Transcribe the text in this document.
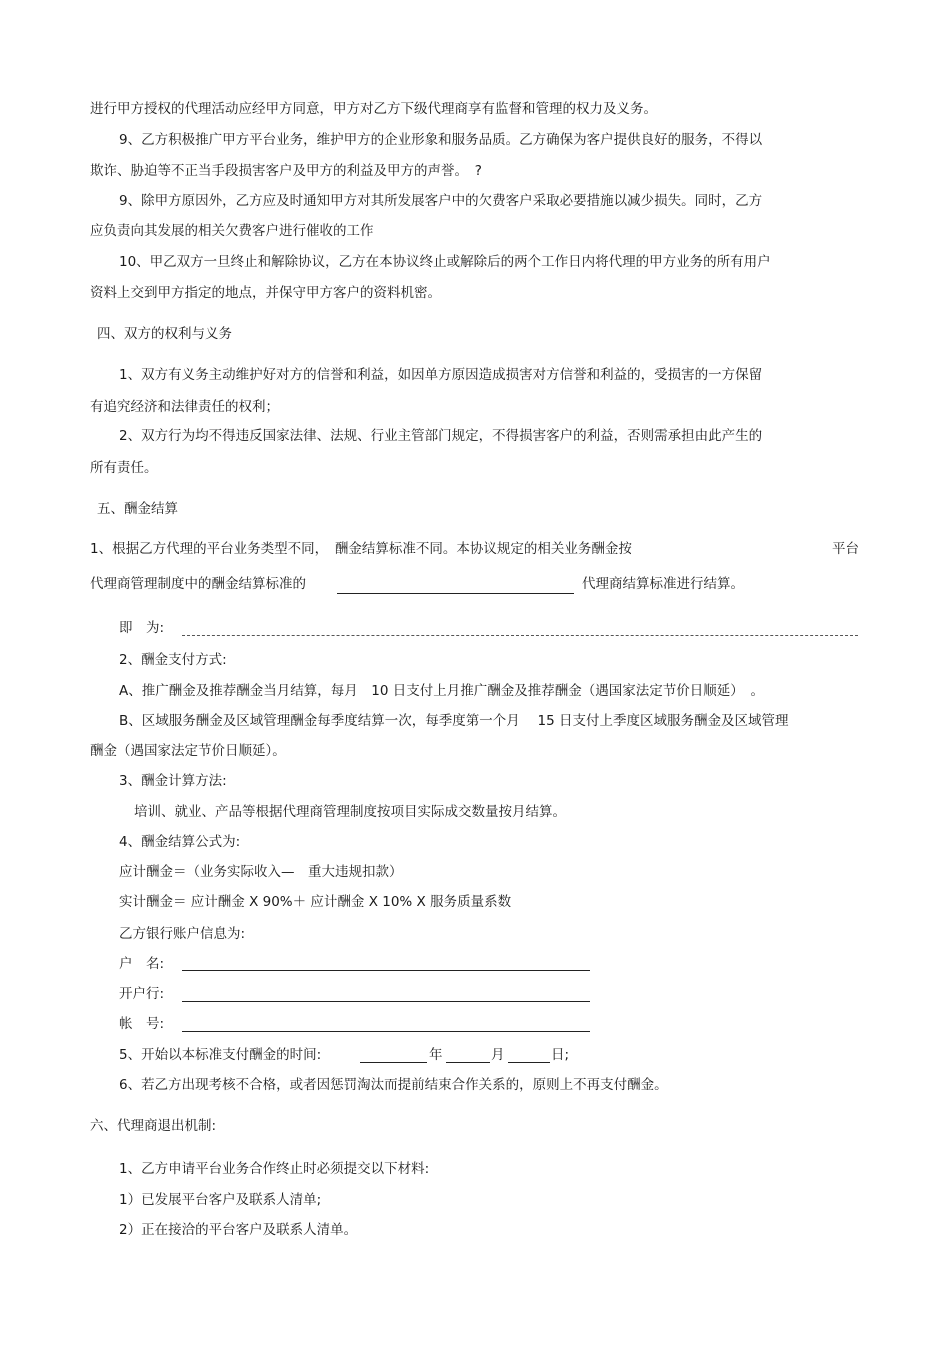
进行甲方授权的代理活动应经甲方同意，甲方对乙方下级代理商享有监督和管理的权力及义务。
9、乙方积极推广甲方平台业务，维护甲方的企业形象和服务品质。乙方确保为客户提供良好的服务，不得以
欺诈、胁迫等不正当手段损害客户及甲方的利益及甲方的声誉。　?
9、除甲方原因外，乙方应及时通知甲方对其所发展客户中的欠费客户采取必要措施以减少损失。同时，乙方
应负责向其发展的相关欠费客户进行催收的工作
10、甲乙双方一旦终止和解除协议，乙方在本协议终止或解除后的两个工作日内将代理的甲方业务的所有用户
资料上交到甲方指定的地点，并保守甲方客户的资料机密。
四、双方的权利与义务
1、双方有义务主动维护好对方的信誉和利益，如因单方原因造成损害对方信誉和利益的，受损害的一方保留
有追究经济和法律责任的权利；
2、双方行为均不得违反国家法律、法规、行业主管部门规定，不得损害客户的利益，否则需承担由此产生的
所有责任。
五、酬金结算
1、根据乙方代理的平台业务类型不同，　酬金结算标准不同。本协议规定的相关业务酬金按	平台
代理商管理制度中的酬金结算标准的	代理商结算标准进行结算。
即　为:
2、酬金支付方式:
A、推广酬金及推荐酬金当月结算，每月　10 日支付上月推广酬金及推荐酬金（遇国家法定节价日顺延）　。
B、区域服务酬金及区域管理酬金每季度结算一次，每季度第一个月　 15 日支付上季度区域服务酬金及区域管理
酬金（遇国家法定节价日顺延）。
3、酬金计算方法:
培训、就业、产品等根据代理商管理制度按项目实际成交数量按月结算。
4、酬金结算公式为:
应计酬金＝（业务实际收入—　重大违规扣款）
实计酬金＝ 应计酬金 X 90%＋ 应计酬金 X 10% X 服务质量系数
乙方银行账户信息为:
户　名:
开户行:
帐　号:
5、开始以本标准支付酬金的时间:	年	月	日;
6、若乙方出现考核不合格，或者因惩罚淘汰而提前结束合作关系的，原则上不再支付酬金。
六、代理商退出机制:
1、乙方申请平台业务合作终止时必须提交以下材料:
1）已发展平台客户及联系人清单;
2）正在接洽的平台客户及联系人清单。
